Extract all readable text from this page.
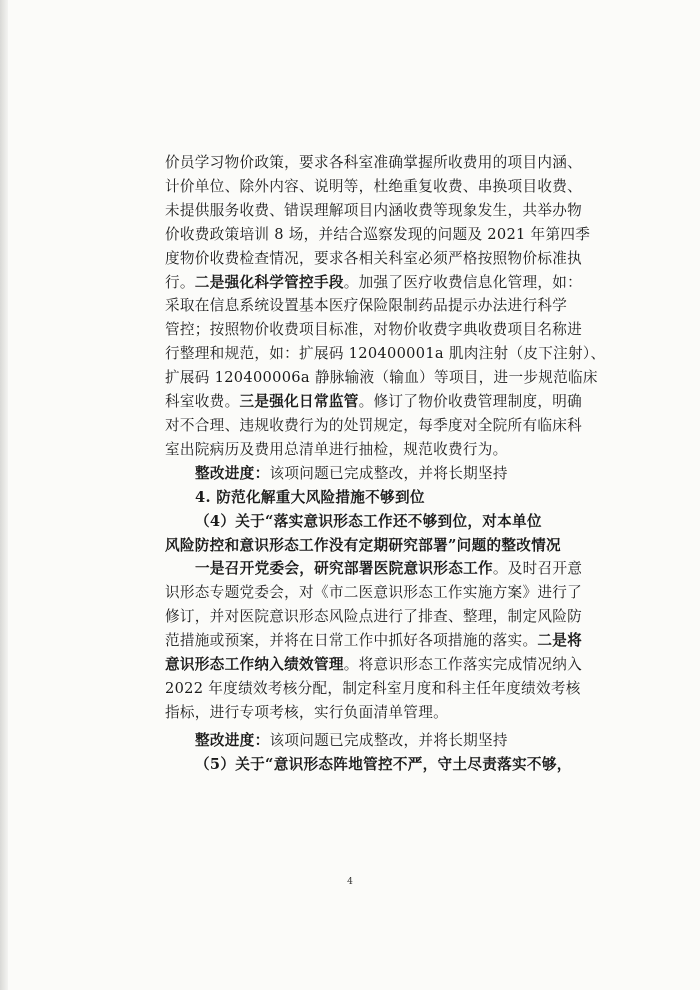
价员学习物价政策，要求各科室准确掌握所收费用的项目内涵、

计价单位、除外内容、说明等，杜绝重复收费、串换项目收费、

未提供服务收费、错误理解项目内涵收费等现象发生，共举办物

价收费政策培训 8 场，并结合巡察发现的问题及 2021 年第四季

度物价收费检查情况，要求各相关科室必须严格按照物价标准执

行。二是强化科学管控手段。加强了医疗收费信息化管理，如：

采取在信息系统设置基本医疗保险限制药品提示办法进行科学

管控；按照物价收费项目标准，对物价收费字典收费项目名称进

行整理和规范，如：扩展码 120400001a 肌肉注射（皮下注射）、

扩展码 120400006a 静脉输液（输血）等项目，进一步规范临床

科室收费。三是强化日常监管。修订了物价收费管理制度，明确

对不合理、违规收费行为的处罚规定，每季度对全院所有临床科

室出院病历及费用总清单进行抽检，规范收费行为。

整改进度：该项问题已完成整改，并将长期坚持

4. 防范化解重大风险措施不够到位

（4）关于“落实意识形态工作还不够到位，对本单位

风险防控和意识形态工作没有定期研究部署”问题的整改情况

一是召开党委会，研究部署医院意识形态工作。及时召开意

识形态专题党委会，对《市二医意识形态工作实施方案》进行了

修订，并对医院意识形态风险点进行了排查、整理，制定风险防

范措施或预案，并将在日常工作中抓好各项措施的落实。二是将

意识形态工作纳入绩效管理。将意识形态工作落实完成情况纳入

2022 年度绩效考核分配，制定科室月度和科主任年度绩效考核

指标，进行专项考核，实行负面清单管理。

整改进度：该项问题已完成整改，并将长期坚持

（5）关于“意识形态阵地管控不严，守土尽责落实不够，

4
